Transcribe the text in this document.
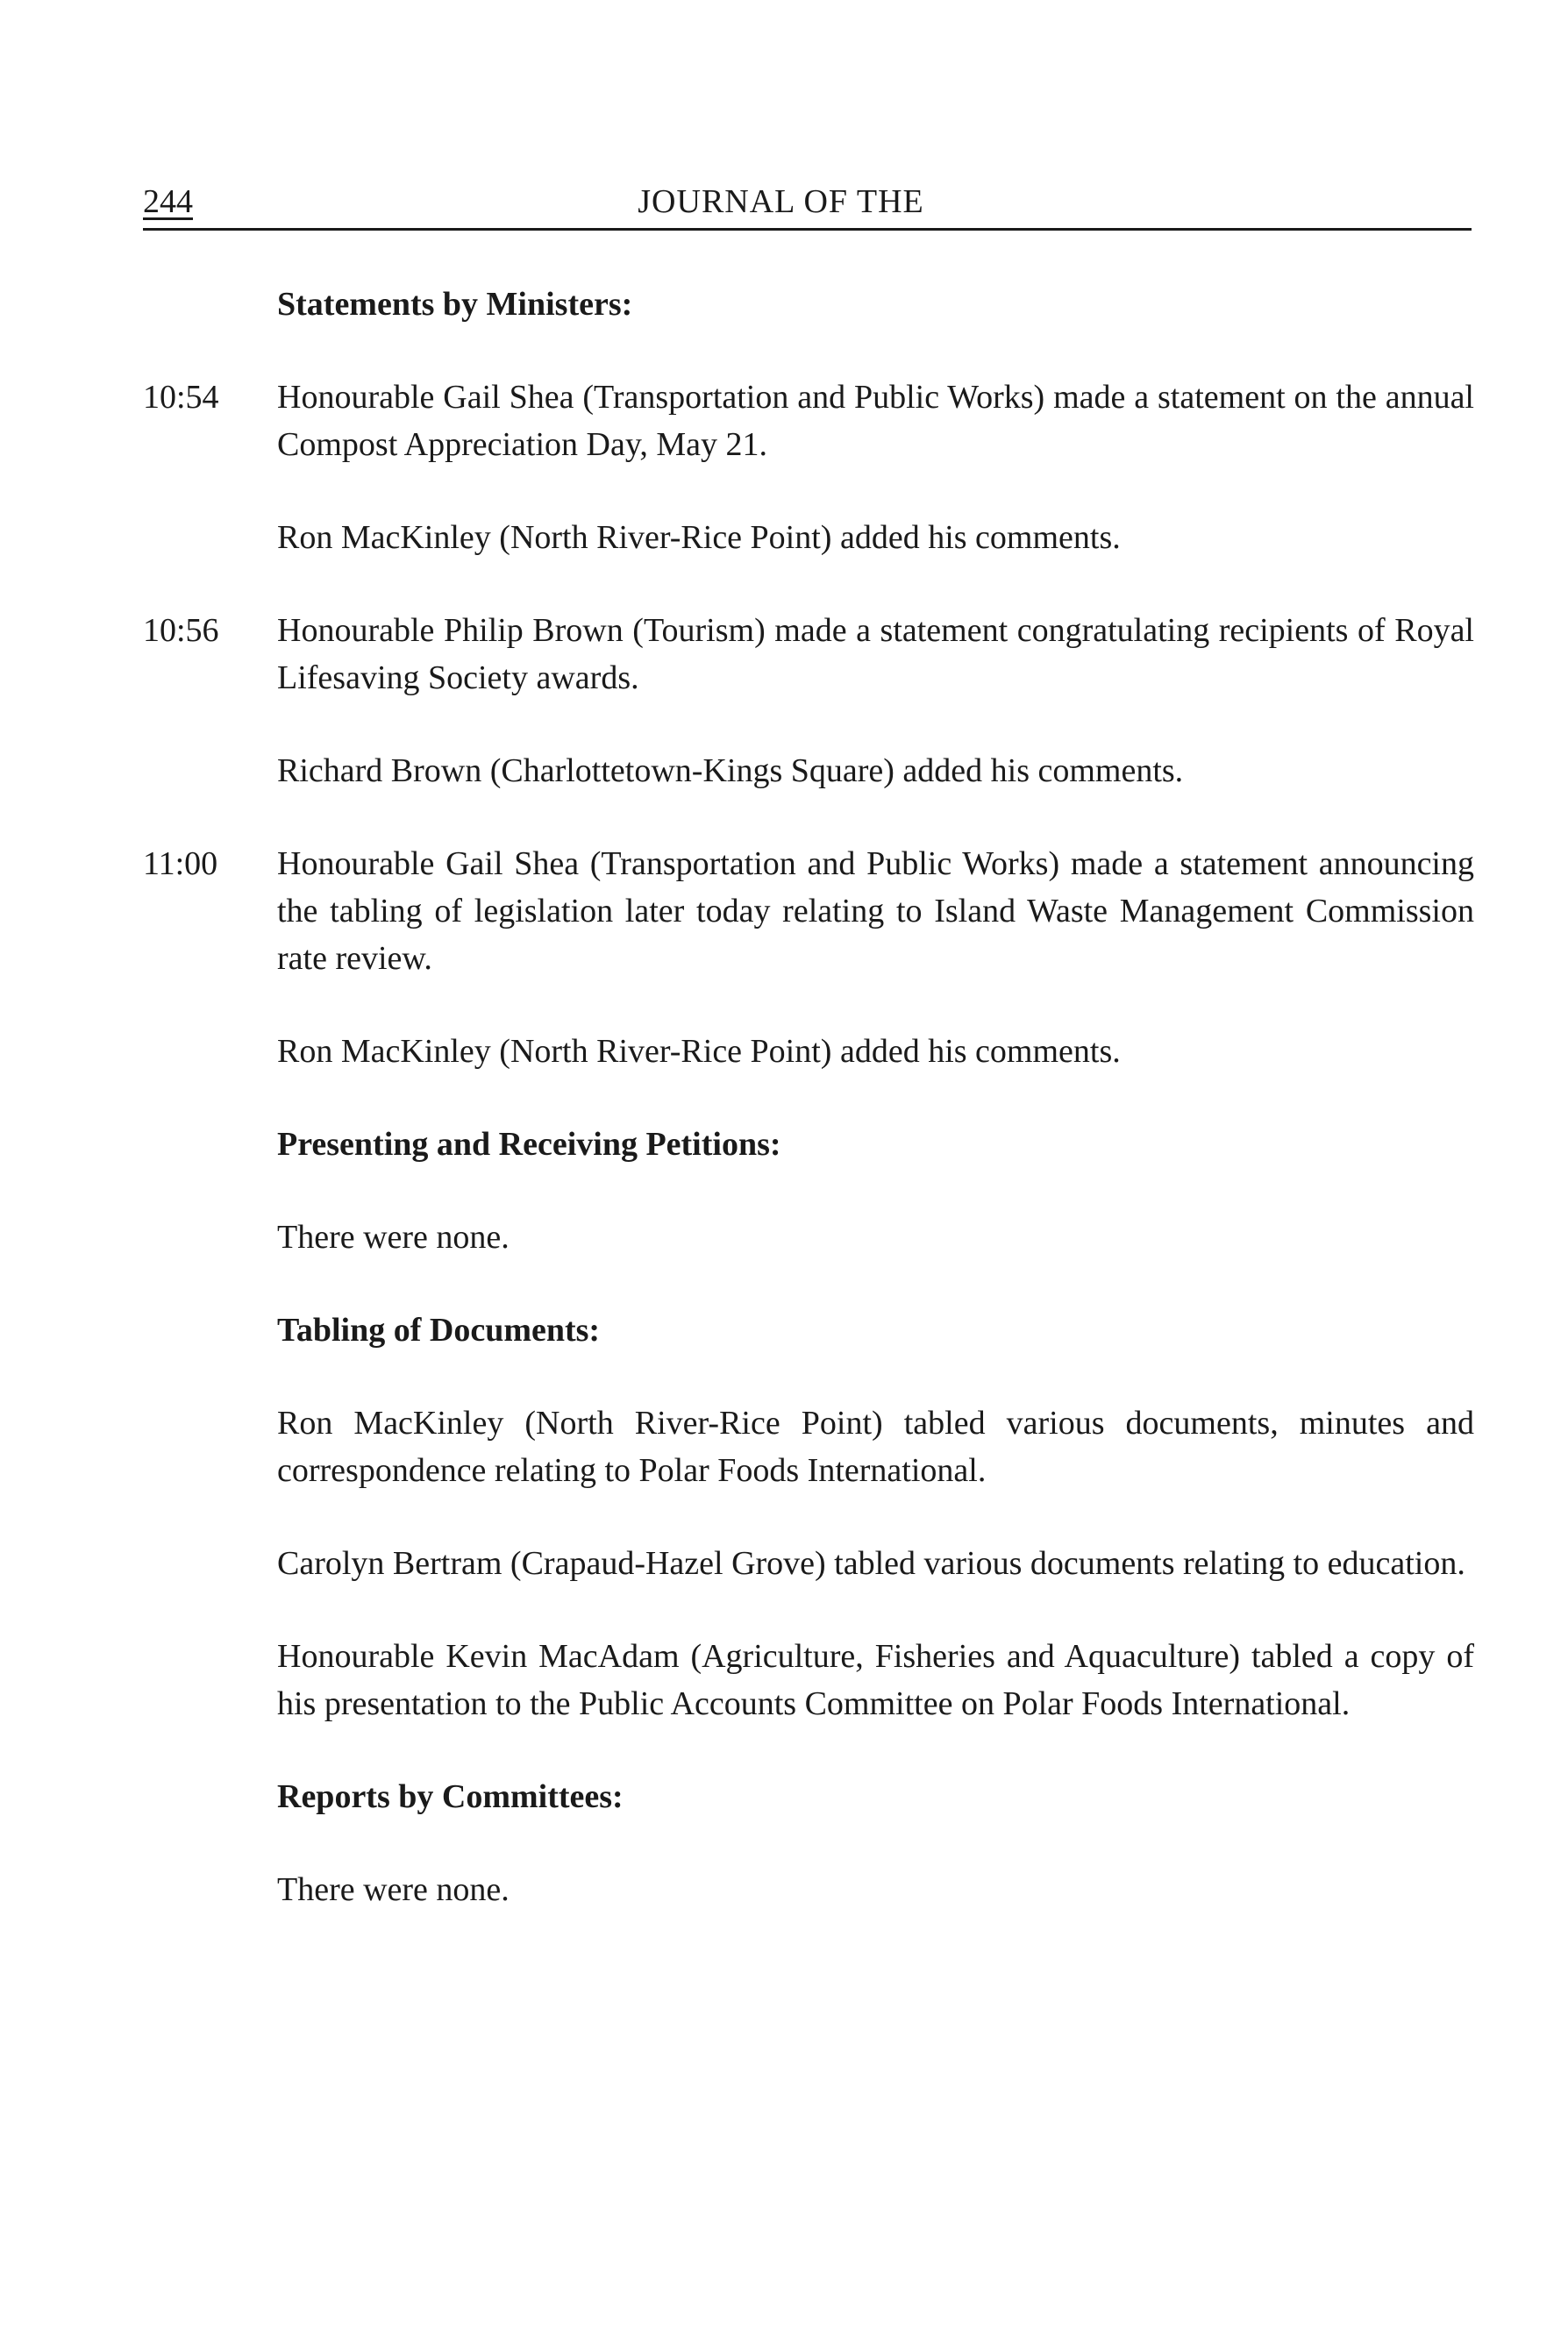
244	JOURNAL OF THE
Statements by Ministers:
10:54 Honourable Gail Shea (Transportation and Public Works) made a statement on the annual Compost Appreciation Day, May 21.
Ron MacKinley (North River-Rice Point) added his comments.
10:56 Honourable Philip Brown (Tourism) made a statement congratulating recipients of Royal Lifesaving Society awards.
Richard Brown (Charlottetown-Kings Square) added his comments.
11:00 Honourable Gail Shea (Transportation and Public Works) made a statement announcing the tabling of legislation later today relating to Island Waste Management Commission rate review.
Ron MacKinley (North River-Rice Point) added his comments.
Presenting and Receiving Petitions:
There were none.
Tabling of Documents:
Ron MacKinley (North River-Rice Point) tabled various documents, minutes and correspondence relating to Polar Foods International.
Carolyn Bertram (Crapaud-Hazel Grove) tabled various documents relating to education.
Honourable Kevin MacAdam (Agriculture, Fisheries and Aquaculture) tabled a copy of his presentation to the Public Accounts Committee on Polar Foods International.
Reports by Committees:
There were none.
